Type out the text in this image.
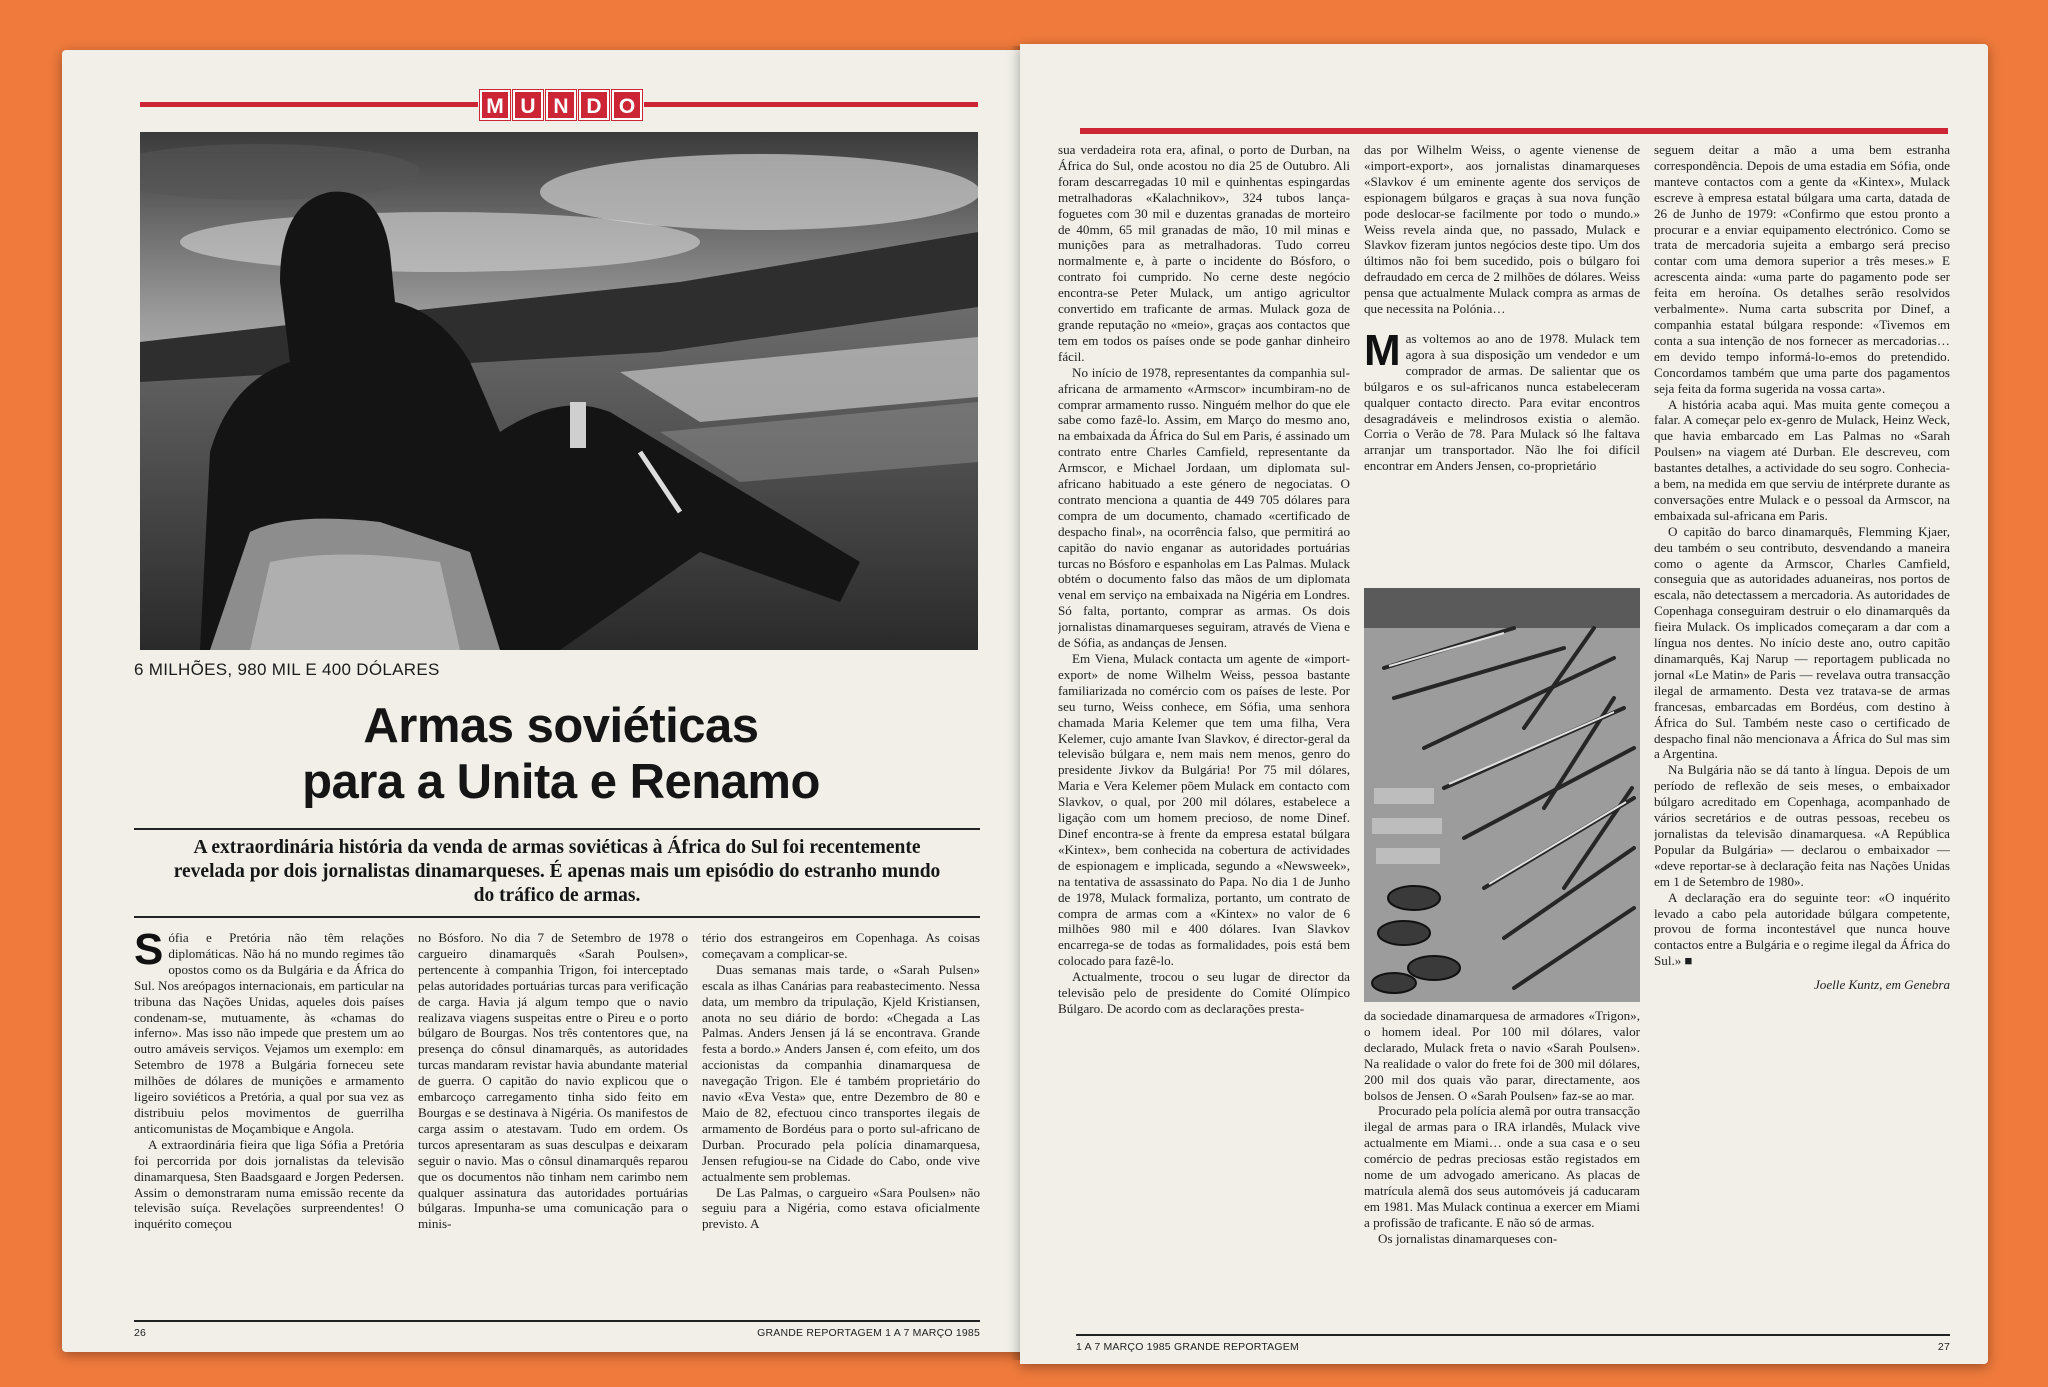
M U N D O
6 MILHÕES, 980 MIL E 400 DÓLARES
Armas soviéticas
para a Unita e Renamo
A extraordinária história da venda de armas soviéticas à África do Sul foi recentemente revelada por dois jornalistas dinamarqueses. É apenas mais um episódio do estranho mundo do tráfico de armas.

Sófia e Pretória não têm relações diplomáticas. Não há no mundo regimes tão opostos como os da Bulgária e da África do Sul. Nos areópagos internacionais, em particular na tribuna das Nações Unidas, aqueles dois países condenam-se, mutuamente, às «chamas do inferno». Mas isso não impede que prestem um ao outro amáveis serviços. Vejamos um exemplo: em Setembro de 1978 a Bulgária forneceu sete milhões de dólares de munições e armamento ligeiro soviéticos a Pretória, a qual por sua vez as distribuiu pelos movimentos de guerrilha anticomunistas de Moçambique e Angola.

A extraordinária fieira que liga Sófia a Pretória foi percorrida por dois jornalistas da televisão dinamarquesa, Sten Baadsgaard e Jorgen Pedersen. Assim o demonstraram numa emissão recente da televisão suíça. Revelações surpreendentes! O inquérito começou

no Bósforo. No dia 7 de Setembro de 1978 o cargueiro dinamarquês «Sarah Poulsen», pertencente à companhia Trigon, foi interceptado pelas autoridades portuárias turcas para verificação de carga. Havia já algum tempo que o navio realizava viagens suspeitas entre o Pireu e o porto búlgaro de Bourgas. Nos três contentores que, na presença do cônsul dinamarquês, as autoridades turcas mandaram revistar havia abundante material de guerra. O capitão do navio explicou que o embarcoço carregamento tinha sido feito em Bourgas e se destinava à Nigéria. Os manifestos de carga assim o atestavam. Tudo em ordem. Os turcos apresentaram as suas desculpas e deixaram seguir o navio. Mas o cônsul dinamarquês reparou que os documentos não tinham nem carimbo nem qualquer assinatura das autoridades portuárias búlgaras. Impunha-se uma comunicação para o minis-

tério dos estrangeiros em Copenhaga. As coisas começavam a complicar-se.

Duas semanas mais tarde, o «Sarah Pulsen» escala as ilhas Canárias para reabastecimento. Nessa data, um membro da tripulação, Kjeld Kristiansen, anota no seu diário de bordo: «Chegada a Las Palmas. Anders Jensen já lá se encontrava. Grande festa a bordo.» Anders Jansen é, com efeito, um dos accionistas da companhia dinamarquesa de navegação Trigon. Ele é também proprietário do navio «Eva Vesta» que, entre Dezembro de 80 e Maio de 82, efectuou cinco transportes ilegais de armamento de Bordéus para o porto sul-africano de Durban. Procurado pela polícia dinamarquesa, Jensen refugiou-se na Cidade do Cabo, onde vive actualmente sem problemas.

De Las Palmas, o cargueiro «Sara Poulsen» não seguiu para a Nigéria, como estava oficialmente previsto. A

26	GRANDE REPORTAGEM 1 A 7 MARÇO 1985

sua verdadeira rota era, afinal, o porto de Durban, na África do Sul, onde acostou no dia 25 de Outubro. Ali foram descarregadas 10 mil e quinhentas espingardas metralhadoras «Kalachnikov», 324 tubos lança-foguetes com 30 mil e duzentas granadas de morteiro de 40mm, 65 mil granadas de mão, 10 mil minas e munições para as metralhadoras. Tudo correu normalmente e, à parte o incidente do Bósforo, o contrato foi cumprido. No cerne deste negócio encontra-se Peter Mulack, um antigo agricultor convertido em traficante de armas. Mulack goza de grande reputação no «meio», graças aos contactos que tem em todos os países onde se pode ganhar dinheiro fácil.

No início de 1978, representantes da companhia sul-africana de armamento «Armscor» incumbiram-no de comprar armamento russo. Ninguém melhor do que ele sabe como fazê-lo. Assim, em Março do mesmo ano, na embaixada da África do Sul em Paris, é assinado um contrato entre Charles Camfield, representante da Armscor, e Michael Jordaan, um diplomata sul-africano habituado a este género de negociatas. O contrato menciona a quantia de 449 705 dólares para compra de um documento, chamado «certificado de despacho final», na ocorrência falso, que permitirá ao capitão do navio enganar as autoridades portuárias turcas no Bósforo e espanholas em Las Palmas. Mulack obtém o documento falso das mãos de um diplomata venal em serviço na embaixada na Nigéria em Londres. Só falta, portanto, comprar as armas. Os dois jornalistas dinamarqueses seguiram, através de Viena e de Sófia, as andanças de Jensen.

Em Viena, Mulack contacta um agente de «import-export» de nome Wilhelm Weiss, pessoa bastante familiarizada no comércio com os países de leste. Por seu turno, Weiss conhece, em Sófia, uma senhora chamada Maria Kelemer que tem uma filha, Vera Kelemer, cujo amante Ivan Slavkov, é director-geral da televisão búlgara e, nem mais nem menos, genro do presidente Jivkov da Bulgária! Por 75 mil dólares, Maria e Vera Kelemer põem Mulack em contacto com Slavkov, o qual, por 200 mil dólares, estabelece a ligação com um homem precioso, de nome Dinef. Dinef encontra-se à frente da empresa estatal búlgara «Kintex», bem conhecida na cobertura de actividades de espionagem e implicada, segundo a «Newsweek», na tentativa de assassinato do Papa. No dia 1 de Junho de 1978, Mulack formaliza, portanto, um contrato de compra de armas com a «Kintex» no valor de 6 milhões 980 mil e 400 dólares. Ivan Slavkov encarrega-se de todas as formalidades, pois está bem colocado para fazê-lo.

Actualmente, trocou o seu lugar de director da televisão pelo de presidente do Comité Olímpico Búlgaro. De acordo com as declarações presta-

das por Wilhelm Weiss, o agente vienense de «import-export», aos jornalistas dinamarqueses «Slavkov é um eminente agente dos serviços de espionagem búlgaros e graças à sua nova função pode deslocar-se facilmente por todo o mundo.» Weiss revela ainda que, no passado, Mulack e Slavkov fizeram juntos negócios deste tipo. Um dos últimos não foi bem sucedido, pois o búlgaro foi defraudado em cerca de 2 milhões de dólares. Weiss pensa que actualmente Mulack compra as armas de que necessita na Polónia…

Mas voltemos ao ano de 1978. Mulack tem agora à sua disposição um vendedor e um comprador de armas. De salientar que os búlgaros e os sul-africanos nunca estabeleceram qualquer contacto directo. Para evitar encontros desagradáveis e melindrosos existia o alemão. Corria o Verão de 78. Para Mulack só lhe faltava arranjar um transportador. Não lhe foi difícil encontrar em Anders Jensen, co-proprietário

da sociedade dinamarquesa de armadores «Trigon», o homem ideal. Por 100 mil dólares, valor declarado, Mulack freta o navio «Sarah Poulsen». Na realidade o valor do frete foi de 300 mil dólares, 200 mil dos quais vão parar, directamente, aos bolsos de Jensen. O «Sarah Poulsen» faz-se ao mar.

Procurado pela polícia alemã por outra transacção ilegal de armas para o IRA irlandês, Mulack vive actualmente em Miami… onde a sua casa e o seu comércio de pedras preciosas estão registados em nome de um advogado americano. As placas de matrícula alemã dos seus automóveis já caducaram em 1981. Mas Mulack continua a exercer em Miami a profissão de traficante. E não só de armas.

Os jornalistas dinamarqueses con-

seguem deitar a mão a uma bem estranha correspondência. Depois de uma estadia em Sófia, onde manteve contactos com a gente da «Kintex», Mulack escreve à empresa estatal búlgara uma carta, datada de 26 de Junho de 1979: «Confirmo que estou pronto a procurar e a enviar equipamento electrónico. Como se trata de mercadoria sujeita a embargo será preciso contar com uma demora superior a três meses.» E acrescenta ainda: «uma parte do pagamento pode ser feita em heroína. Os detalhes serão resolvidos verbalmente». Numa carta subscrita por Dinef, a companhia estatal búlgara responde: «Tivemos em conta a sua intenção de nos fornecer as mercadorias… em devido tempo informá-lo-emos do pretendido. Concordamos também que uma parte dos pagamentos seja feita da forma sugerida na vossa carta».

A história acaba aqui. Mas muita gente começou a falar. A começar pelo ex-genro de Mulack, Heinz Weck, que havia embarcado em Las Palmas no «Sarah Poulsen» na viagem até Durban. Ele descreveu, com bastantes detalhes, a actividade do seu sogro. Conhecia-a bem, na medida em que serviu de intérprete durante as conversações entre Mulack e o pessoal da Armscor, na embaixada sul-africana em Paris.

O capitão do barco dinamarquês, Flemming Kjaer, deu também o seu contributo, desvendando a maneira como o agente da Armscor, Charles Camfield, conseguia que as autoridades aduaneiras, nos portos de escala, não detectassem a mercadoria. As autoridades de Copenhaga conseguiram destruir o elo dinamarquês da fieira Mulack. Os implicados começaram a dar com a língua nos dentes. No início deste ano, outro capitão dinamarquês, Kaj Narup — reportagem publicada no jornal «Le Matin» de Paris — revelava outra transacção ilegal de armamento. Desta vez tratava-se de armas francesas, embarcadas em Bordéus, com destino à África do Sul. Também neste caso o certificado de despacho final não mencionava a África do Sul mas sim a Argentina.

Na Bulgária não se dá tanto à língua. Depois de um período de reflexão de seis meses, o embaixador búlgaro acreditado em Copenhaga, acompanhado de vários secretários e de outras pessoas, recebeu os jornalistas da televisão dinamarquesa. «A República Popular da Bulgária» — declarou o embaixador — «deve reportar-se à declaração feita nas Nações Unidas em 1 de Setembro de 1980».

A declaração era do seguinte teor: «O inquérito levado a cabo pela autoridade búlgara competente, provou de forma incontestável que nunca houve contactos entre a Bulgária e o regime ilegal da África do Sul.» ■

Joelle Kuntz, em Genebra

1 A 7 MARÇO 1985 GRANDE REPORTAGEM	27
